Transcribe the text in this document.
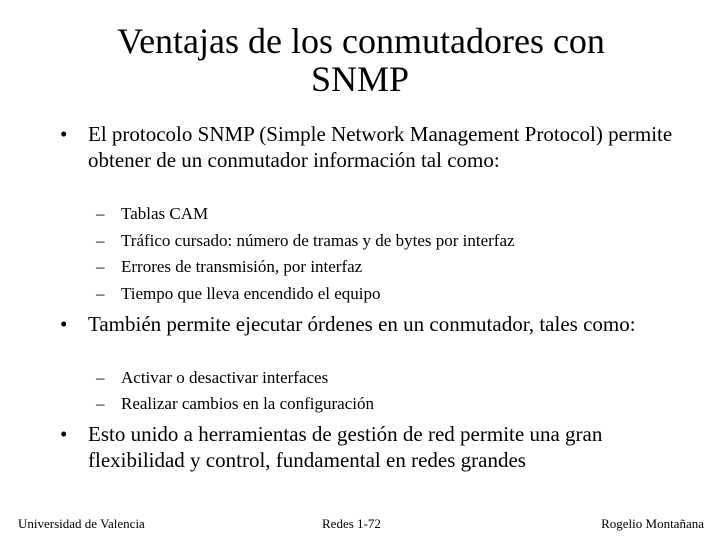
Ventajas de los conmutadores con
SNMP
• El protocolo SNMP (Simple Network Management Protocol) permite obtener de un conmutador información tal como:
– Tablas CAM
– Tráfico cursado: número de tramas y de bytes por interfaz
– Errores de transmisión, por interfaz
– Tiempo que lleva encendido el equipo
• También permite ejecutar órdenes en un conmutador, tales como:
– Activar o desactivar interfaces
– Realizar cambios en la configuración
• Esto unido a herramientas de gestión de red permite una gran flexibilidad y control, fundamental en redes grandes
Universidad de Valencia	Redes 1-72	Rogelio Montañana
